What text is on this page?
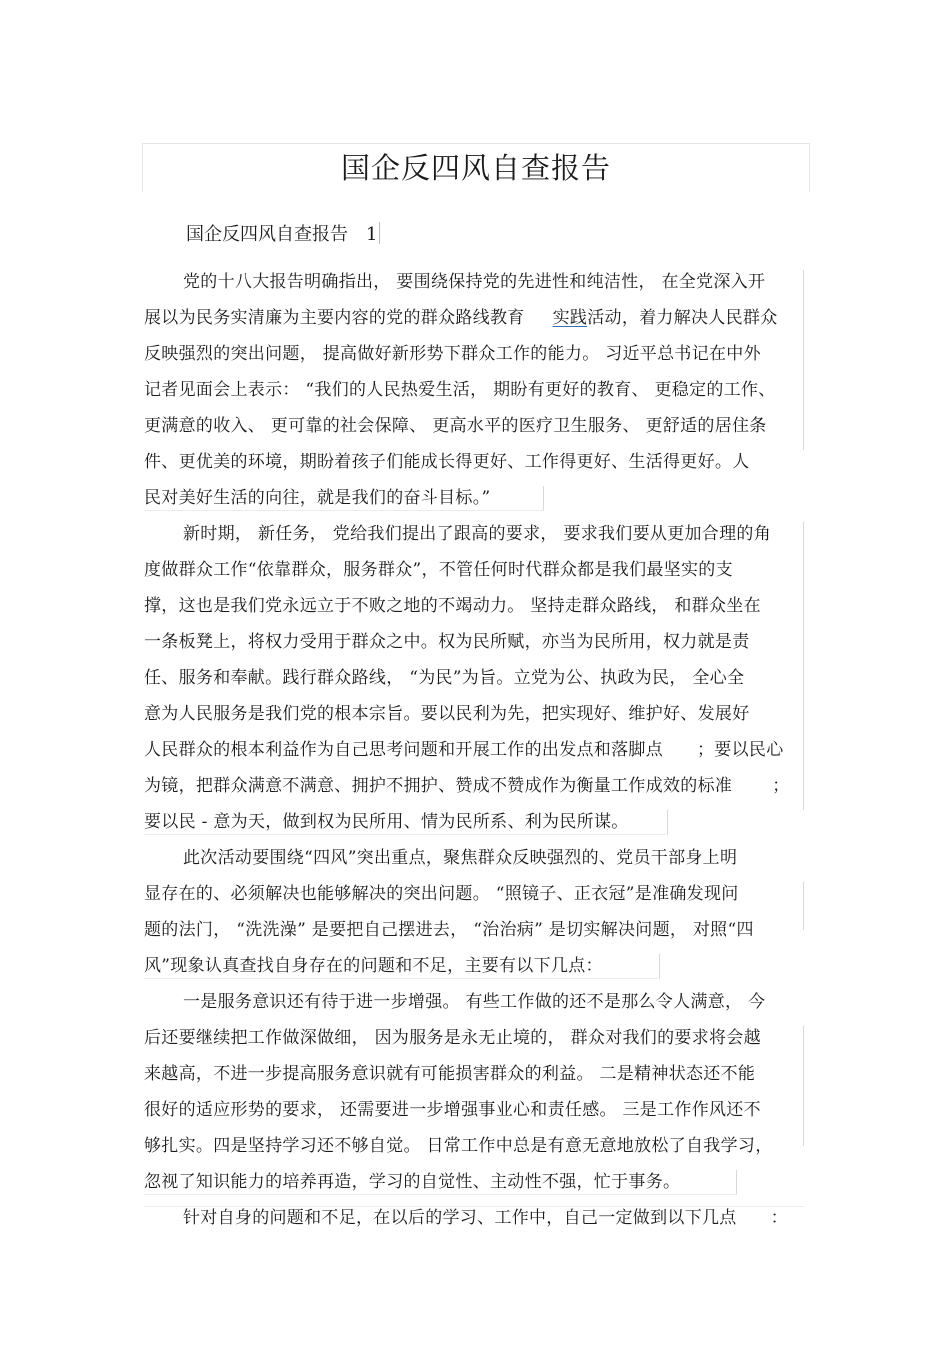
国企反四风自查报告
国企反四风自查报告 1
党的十八大报告明确指出， 要围绕保持党的先进性和纯洁性， 在全党深入开
展以为民务实清廉为主要内容的党的群众路线教育 实践活动，着力解决人民群众
反映强烈的突出问题， 提高做好新形势下群众工作的能力。 习近平总书记在中外
记者见面会上表示： “我们的人民热爱生活， 期盼有更好的教育、 更稳定的工作、
更满意的收入、 更可靠的社会保障、 更高水平的医疗卫生服务、 更舒适的居住条
件、更优美的环境，期盼着孩子们能成长得更好、工作得更好、生活得更好。人
民对美好生活的向往，就是我们的奋斗目标。”
新时期， 新任务， 党给我们提出了跟高的要求， 要求我们要从更加合理的角
度做群众工作“依靠群众，服务群众”，不管任何时代群众都是我们最坚实的支
撑，这也是我们党永远立于不败之地的不竭动力。 坚持走群众路线， 和群众坐在
一条板凳上，将权力受用于群众之中。权为民所赋，亦当为民所用，权力就是责
任、服务和奉献。践行群众路线， “为民”为旨。立党为公、执政为民， 全心全
意为人民服务是我们党的根本宗旨。要以民利为先，把实现好、维护好、发展好
人民群众的根本利益作为自己思考问题和开展工作的出发点和落脚点 ；要以民心
为镜，把群众满意不满意、拥护不拥护、赞成不赞成作为衡量工作成效的标准 ；
要以民 - 意为天，做到权为民所用、情为民所系、利为民所谋。
此次活动要围绕“四风”突出重点，聚焦群众反映强烈的、党员干部身上明
显存在的、必须解决也能够解决的突出问题。 “照镜子、正衣冠”是准确发现问
题的法门， “洗洗澡” 是要把自己摆进去， “治治病” 是切实解决问题， 对照“四
风”现象认真查找自身存在的问题和不足，主要有以下几点：
一是服务意识还有待于进一步增强。 有些工作做的还不是那么令人满意， 今
后还要继续把工作做深做细， 因为服务是永无止境的， 群众对我们的要求将会越
来越高，不进一步提高服务意识就有可能损害群众的利益。 二是精神状态还不能
很好的适应形势的要求， 还需要进一步增强事业心和责任感。 三是工作作风还不
够扎实。四是坚持学习还不够自觉。 日常工作中总是有意无意地放松了自我学习，
忽视了知识能力的培养再造，学习的自觉性、主动性不强，忙于事务。
针对自身的问题和不足，在以后的学习、工作中，自己一定做到以下几点 ：
